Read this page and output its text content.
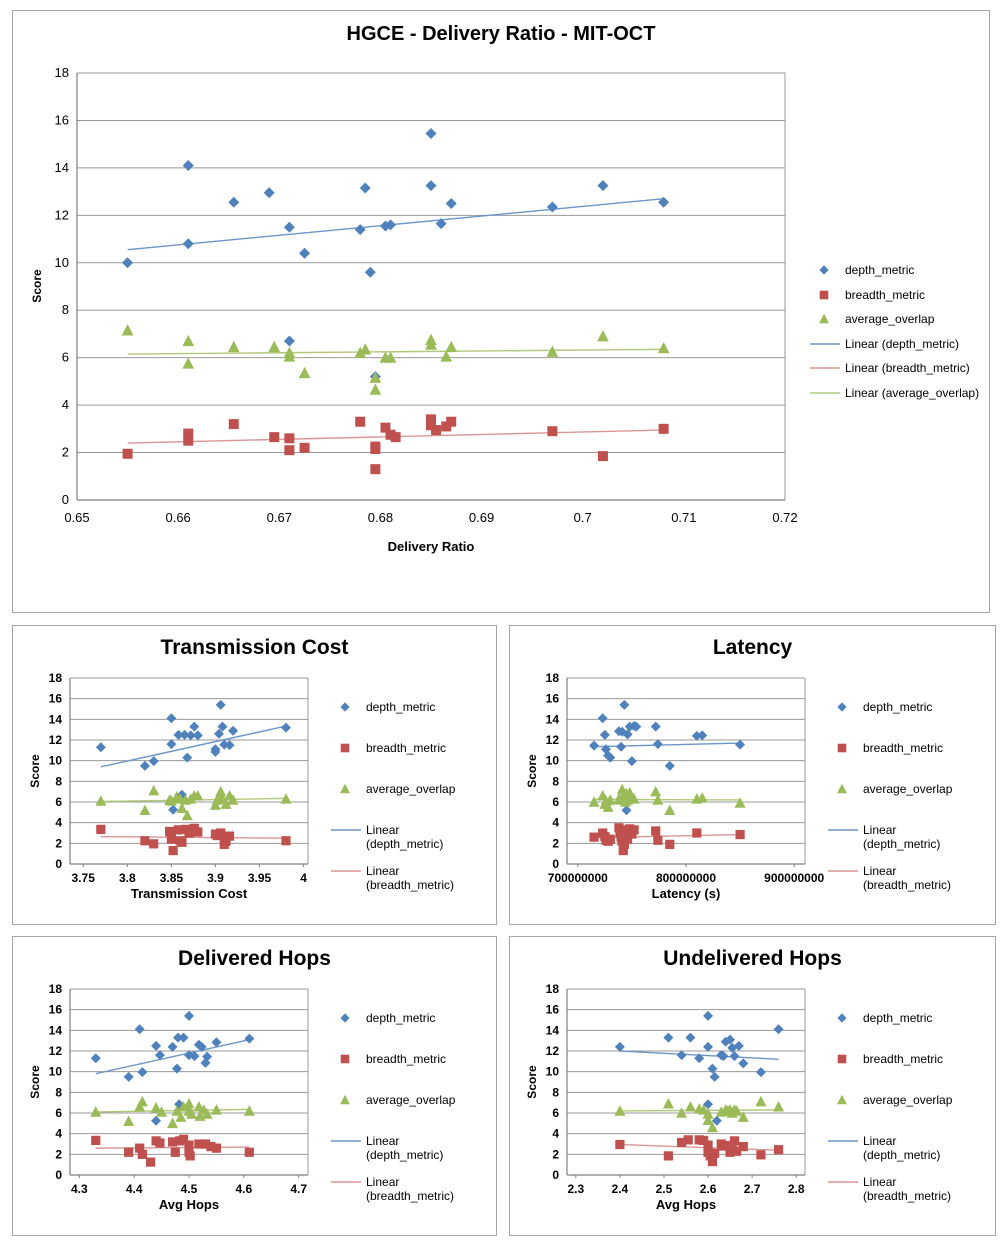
HGCE - Delivery Ratio - MIT-OCT
0
2
4
6
8
10
12
14
16
18
0.65	0.66	0.67	0.68	0.69	0.7	0.71	0.72
Score
Delivery Ratio
depth_metric
breadth_metric
average_overlap
Linear (depth_metric)
Linear (breadth_metric)
Linear (average_overlap)
Transmission Cost
0
2
4
6
8
10
12
14
16
18
3.75 3.8 3.85 3.9 3.95 4
Score
Transmission Cost
depth_metric
breadth_metric
average_overlap
Linear (depth_metric)
Linear (breadth_metric)
Latency
0
2
4
6
8
10
12
14
16
18
700000000	800000000	900000000
Score
Latency (s)
depth_metric
breadth_metric
average_overlap
Linear (depth_metric)
Linear (breadth_metric)
Delivered Hops
0
2
4
6
8
10
12
14
16
18
4.3	4.4	4.5	4.6	4.7
Score
Avg Hops
depth_metric
breadth_metric
average_overlap
Linear (depth_metric)
Linear (breadth_metric)
Undelivered Hops
0
2
4
6
8
10
12
14
16
18
2.3 2.4 2.5 2.6 2.7 2.8
Score
Avg Hops
depth_metric
breadth_metric
average_overlap
Linear (depth_metric)
Linear (breadth_metric)
